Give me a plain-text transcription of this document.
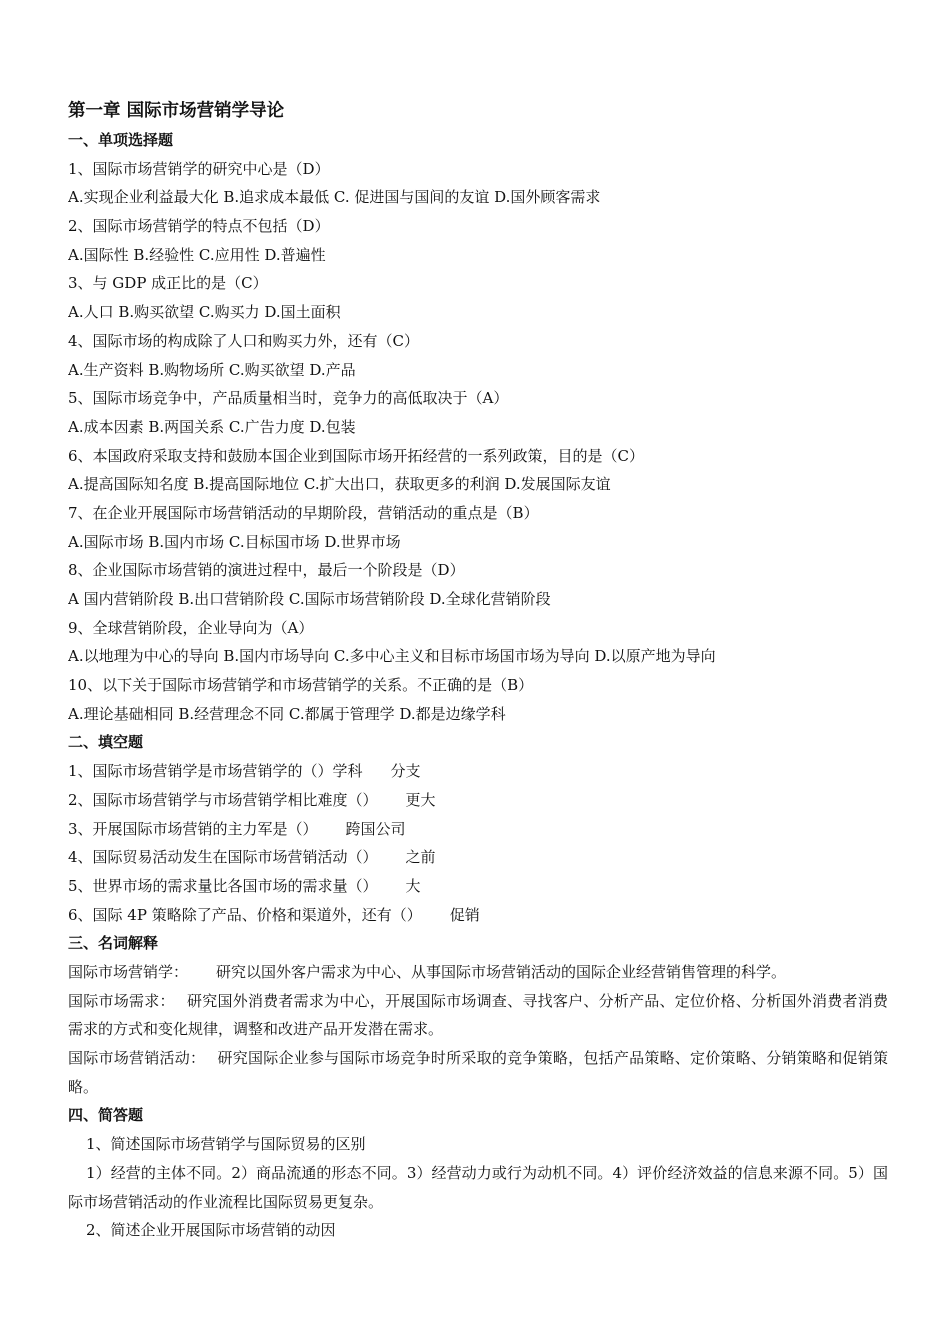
第一章 国际市场营销学导论
一、单项选择题
1、国际市场营销学的研究中心是（D）
A.实现企业利益最大化 B.追求成本最低 C. 促进国与国间的友谊 D.国外顾客需求
2、国际市场营销学的特点不包括（D）
A.国际性 B.经验性 C.应用性 D.普遍性
3、与 GDP 成正比的是（C）
A.人口 B.购买欲望 C.购买力 D.国土面积
4、国际市场的构成除了人口和购买力外，还有（C）
A.生产资料 B.购物场所 C.购买欲望 D.产品
5、国际市场竞争中，产品质量相当时，竞争力的高低取决于（A）
A.成本因素 B.两国关系 C.广告力度 D.包装
6、本国政府采取支持和鼓励本国企业到国际市场开拓经营的一系列政策，目的是（C）
A.提高国际知名度 B.提高国际地位 C.扩大出口，获取更多的利润 D.发展国际友谊
7、在企业开展国际市场营销活动的早期阶段，营销活动的重点是（B）
A.国际市场 B.国内市场 C.目标国市场 D.世界市场
8、企业国际市场营销的演进过程中，最后一个阶段是（D）
A 国内营销阶段 B.出口营销阶段 C.国际市场营销阶段 D.全球化营销阶段
9、全球营销阶段，企业导向为（A）
A.以地理为中心的导向 B.国内市场导向 C.多中心主义和目标市场国市场为导向 D.以原产地为导向
10、以下关于国际市场营销学和市场营销学的关系。不正确的是（B）
A.理论基础相同 B.经营理念不同 C.都属于管理学 D.都是边缘学科
二、填空题
1、国际市场营销学是市场营销学的（）学科 分支
2、国际市场营销学与市场营销学相比难度（） 更大
3、开展国际市场营销的主力军是（） 跨国公司
4、国际贸易活动发生在国际市场营销活动（） 之前
5、世界市场的需求量比各国市场的需求量（） 大
6、国际 4P 策略除了产品、价格和渠道外，还有（） 促销
三、名词解释
国际市场营销学： 研究以国外客户需求为中心、从事国际市场营销活动的国际企业经营销售管理的科学。
国际市场需求： 研究国外消费者需求为中心，开展国际市场调查、寻找客户、分析产品、定位价格、分析国外消费者消费需求的方式和变化规律，调整和改进产品开发潜在需求。
国际市场营销活动： 研究国际企业参与国际市场竞争时所采取的竞争策略，包括产品策略、定价策略、分销策略和促销策略。
四、简答题
1、简述国际市场营销学与国际贸易的区别
1）经营的主体不同。2）商品流通的形态不同。3）经营动力或行为动机不同。4）评价经济效益的信息来源不同。5）国际市场营销活动的作业流程比国际贸易更复杂。
2、简述企业开展国际市场营销的动因
